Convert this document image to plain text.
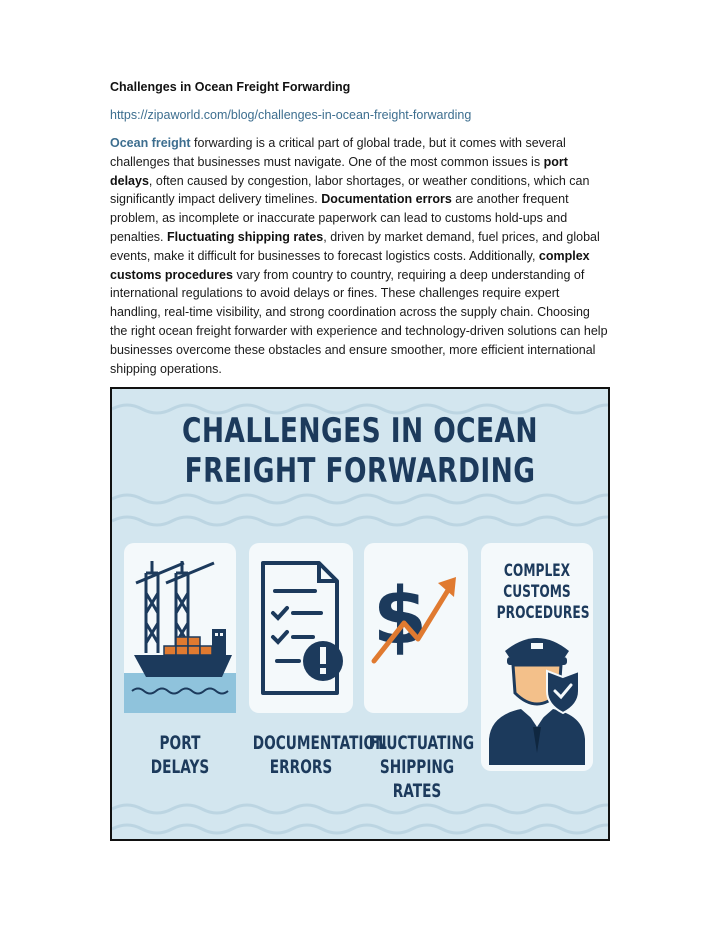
Challenges in Ocean Freight Forwarding
https://zipaworld.com/blog/challenges-in-ocean-freight-forwarding
Ocean freight forwarding is a critical part of global trade, but it comes with several challenges that businesses must navigate. One of the most common issues is port delays, often caused by congestion, labor shortages, or weather conditions, which can significantly impact delivery timelines. Documentation errors are another frequent problem, as incomplete or inaccurate paperwork can lead to customs hold-ups and penalties. Fluctuating shipping rates, driven by market demand, fuel prices, and global events, make it difficult for businesses to forecast logistics costs. Additionally, complex customs procedures vary from country to country, requiring a deep understanding of international regulations to avoid delays or fines. These challenges require expert handling, real-time visibility, and strong coordination across the supply chain. Choosing the right ocean freight forwarder with experience and technology-driven solutions can help businesses overcome these obstacles and ensure smoother, more efficient international shipping operations.
CHALLENGES IN OCEAN
FREIGHT FORWARDING
PORT
DELAYS
DOCUMENTATION
ERRORS
$
FLUCTUATING
SHIPPING
RATES
COMPLEX
CUSTOMS
PROCEDURES
